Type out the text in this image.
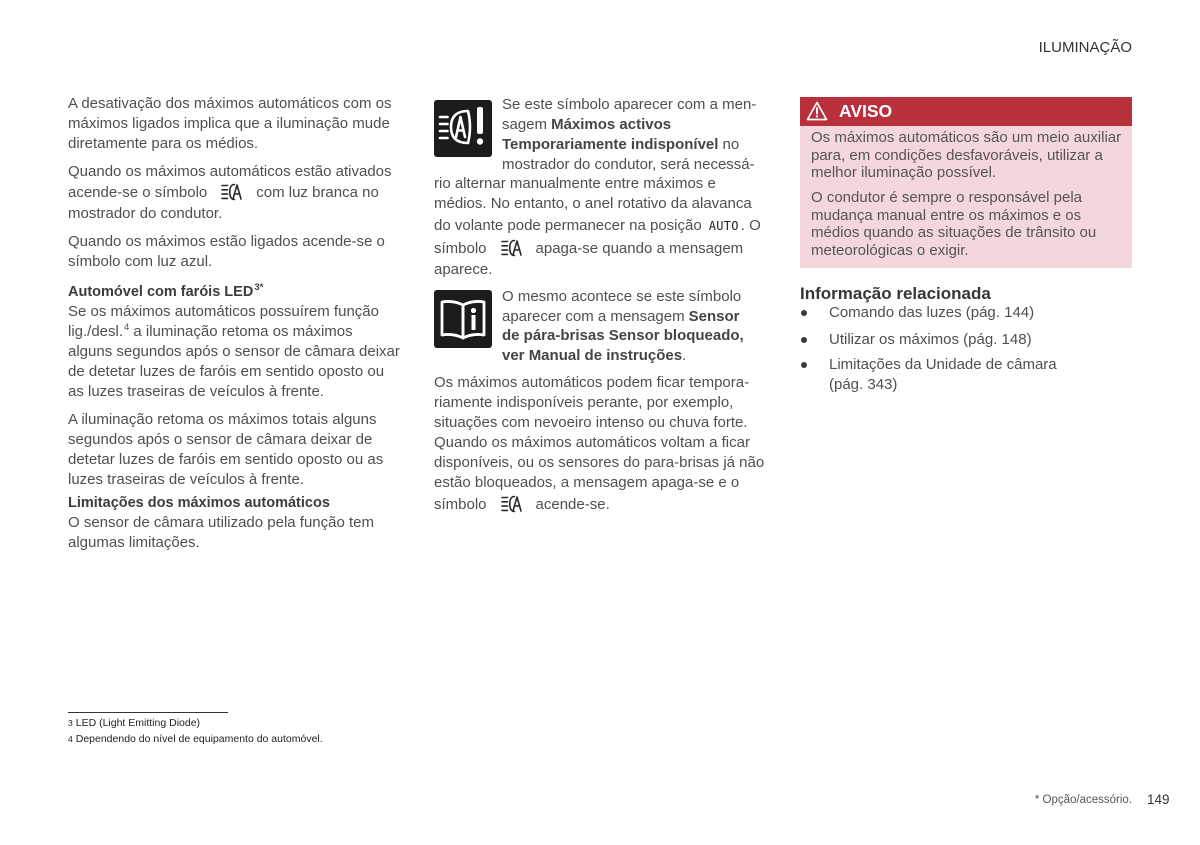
ILUMINAÇÃO
A desativação dos máximos automáticos com os
máximos ligados implica que a iluminação mude
diretamente para os médios.
Quando os máximos automáticos estão ativados
acende-se o símbolo	com luz branca no
mostrador do condutor.
Quando os máximos estão ligados acende-se o
símbolo com luz azul.
Automóvel com faróis $LED^{3*}$
Se os máximos automáticos possuírem função
lig./desl.$^4$ a iluminação retoma os máximos
alguns segundos após o sensor de câmara deixar
de detetar luzes de faróis em sentido oposto ou
as luzes traseiras de veículos à frente.
A iluminação retoma os máximos totais alguns
segundos após o sensor de câmara deixar de
detetar luzes de faróis em sentido oposto ou as
luzes traseiras de veículos à frente.
Limitações dos máximos automáticos
O sensor de câmara utilizado pela função tem
algumas limitações.
Se este símbolo aparecer com a men-
sagem Máximos activos
Temporariamente indisponível no
mostrador do condutor, será necessá-
rio alternar manualmente entre máximos e
médios. No entanto, o anel rotativo da alavanca
do volante pode permanecer na posição AUTO . O
símbolo	apaga-se quando a mensagem
aparece.
O mesmo acontece se este símbolo
aparecer com a mensagem Sensor
de pára-brisas Sensor bloqueado,
ver Manual de instruções.
Os máximos automáticos podem ficar tempora-
riamente indisponíveis perante, por exemplo,
situações com nevoeiro intenso ou chuva forte.
Quando os máximos automáticos voltam a ficar
disponíveis, ou os sensores do para-brisas já não
estão bloqueados, a mensagem apaga-se e o
símbolo	acende-se.
AVISO
Os máximos automáticos são um meio auxiliar
para, em condições desfavoráveis, utilizar a
melhor iluminação possível.
O condutor é sempre o responsável pela
mudança manual entre os máximos e os
médios quando as situações de trânsito ou
meteorológicas o exigir.
Informação relacionada
Comando das luzes (pág. 144)
Utilizar os máximos (pág. 148)
Limitações da Unidade de câmara
(pág. 343)
3 LED (Light Emitting Diode)
4 Dependendo do nível de equipamento do automóvel.
* Opção/acessório. 149
